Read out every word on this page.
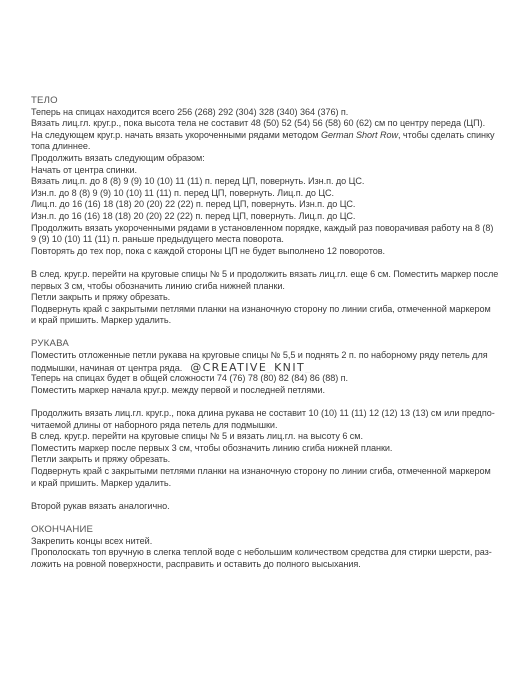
ТЕЛО
Теперь на спицах находится всего 256 (268) 292 (304) 328 (340) 364 (376) п.
Вязать лиц.гл. круг.р., пока высота тела не составит 48 (50) 52 (54) 56 (58) 60 (62) см по центру переда (ЦП).
На следующем круг.р. начать вязать укороченными рядами методом German Short Row, чтобы сделать спинку
топа длиннее.
Продолжить вязать следующим образом:
Начать от центра спинки.
Вязать лиц.п. до 8 (8) 9 (9) 10 (10) 11 (11) п. перед ЦП, повернуть. Изн.п. до ЦС.
Изн.п. до 8 (8) 9 (9) 10 (10) 11 (11) п. перед ЦП, повернуть. Лиц.п. до ЦС.
Лиц.п. до 16 (16) 18 (18) 20 (20) 22 (22) п. перед ЦП, повернуть. Изн.п. до ЦС.
Изн.п. до 16 (16) 18 (18) 20 (20) 22 (22) п. перед ЦП, повернуть. Лиц.п. до ЦС.
Продолжить вязать укороченными рядами в установленном порядке, каждый раз поворачивая работу на 8 (8)
9 (9) 10 (10) 11 (11) п. раньше предыдущего места поворота.
Повторять до тех пор, пока с каждой стороны ЦП не будет выполнено 12 поворотов.
В след. круг.р. перейти на круговые спицы № 5 и продолжить вязать лиц.гл. еще 6 см. Поместить маркер после
первых 3 см, чтобы обозначить линию сгиба нижней планки.
Петли закрыть и пряжу обрезать.
Подвернуть край с закрытыми петлями планки на изнаночную сторону по линии сгиба, отмеченной маркером
и край пришить. Маркер удалить.
РУКАВА
Поместить отложенные петли рукава на круговые спицы № 5,5 и поднять 2 п. по наборному ряду петель для
подмышки, начиная от центра ряда. @CREATIVE_KNIT_
Теперь на спицах будет в общей сложности 74 (76) 78 (80) 82 (84) 86 (88) п.
Поместить маркер начала круг.р. между первой и последней петлями.
Продолжить вязать лиц.гл. круг.р., пока длина рукава не составит 10 (10) 11 (11) 12 (12) 13 (13) см или предпо-
читаемой длины от наборного ряда петель для подмышки.
В след. круг.р. перейти на круговые спицы № 5 и вязать лиц.гл. на высоту 6 см.
Поместить маркер после первых 3 см, чтобы обозначить линию сгиба нижней планки.
Петли закрыть и пряжу обрезать.
Подвернуть край с закрытыми петлями планки на изнаночную сторону по линии сгиба, отмеченной маркером
и край пришить. Маркер удалить.
Второй рукав вязать аналогично.
ОКОНЧАНИЕ
Закрепить концы всех нитей.
Прополоскать топ вручную в слегка теплой воде с небольшим количеством средства для стирки шерсти, раз-
ложить на ровной поверхности, расправить и оставить до полного высыхания.
